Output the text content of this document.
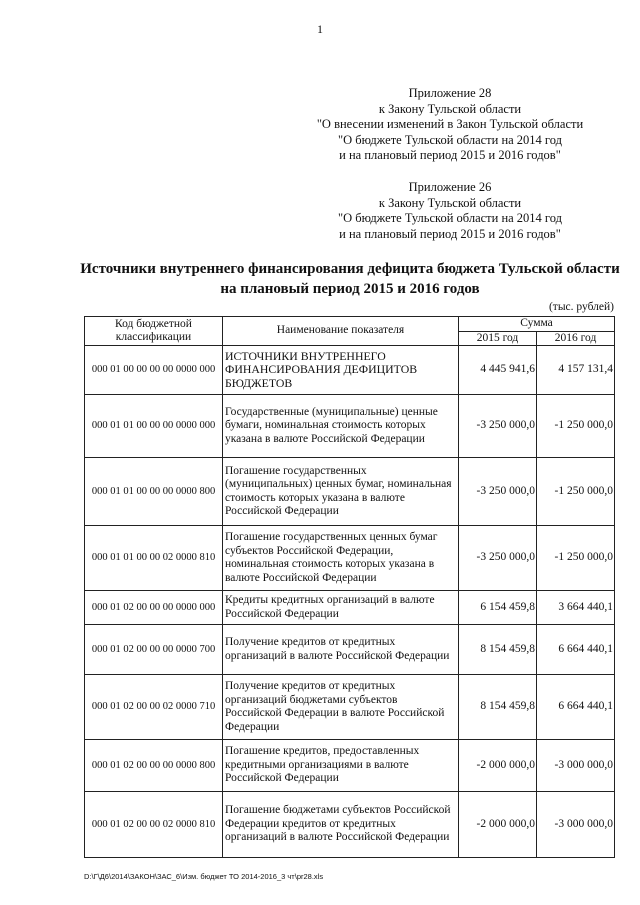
1
Приложение 28
к Закону Тульской области
"О внесении изменений в Закон Тульской области
"О бюджете Тульской области на 2014 год
и на плановый период 2015 и 2016 годов"
Приложение 26
к Закону Тульской области
"О бюджете Тульской области на 2014 год
и на плановый период 2015 и 2016 годов"
Источники внутреннего финансирования дефицита бюджета Тульской области
на плановый период 2015 и 2016 годов
(тыс. рублей)
Код бюджетной классификации	Наименование показателя	Сумма	
		2015 год	2016 год
000 01 00 00 00 00 0000 000	ИСТОЧНИКИ ВНУТРЕННЕГО ФИНАНСИРОВАНИЯ ДЕФИЦИТОВ БЮДЖЕТОВ	4 445 941,6	4 157 131,4
000 01 01 00 00 00 0000 000	Государственные (муниципальные) ценные бумаги, номинальная стоимость которых указана в валюте Российской Федерации	-3 250 000,0	-1 250 000,0
000 01 01 00 00 00 0000 800	Погашение государственных (муниципальных) ценных бумаг, номинальная стоимость которых указана в валюте Российской Федерации	-3 250 000,0	-1 250 000,0
000 01 01 00 00 02 0000 810	Погашение государственных ценных бумаг субъектов Российской Федерации, номинальная стоимость которых указана в валюте Российской Федерации	-3 250 000,0	-1 250 000,0
000 01 02 00 00 00 0000 000	Кредиты кредитных организаций в валюте Российской Федерации	6 154 459,8	3 664 440,1
000 01 02 00 00 00 0000 700	Получение кредитов от кредитных организаций в валюте Российской Федерации	8 154 459,8	6 664 440,1
000 01 02 00 00 02 0000 710	Получение кредитов от кредитных организаций бюджетами субъектов Российской Федерации в валюте Российской Федерации	8 154 459,8	6 664 440,1
000 01 02 00 00 00 0000 800	Погашение кредитов, предоставленных кредитными организациями в валюте Российской Федерации	-2 000 000,0	-3 000 000,0
000 01 02 00 00 02 0000 810	Погашение бюджетами субъектов Российской Федерации кредитов от кредитных организаций в валюте Российской Федерации	-2 000 000,0	-3 000 000,0
D:\Г\Д6\2014\ЗАКОН\ЗАС_6\Изм. бюджет ТО 2014-2016_3 чт\pr28.xls
